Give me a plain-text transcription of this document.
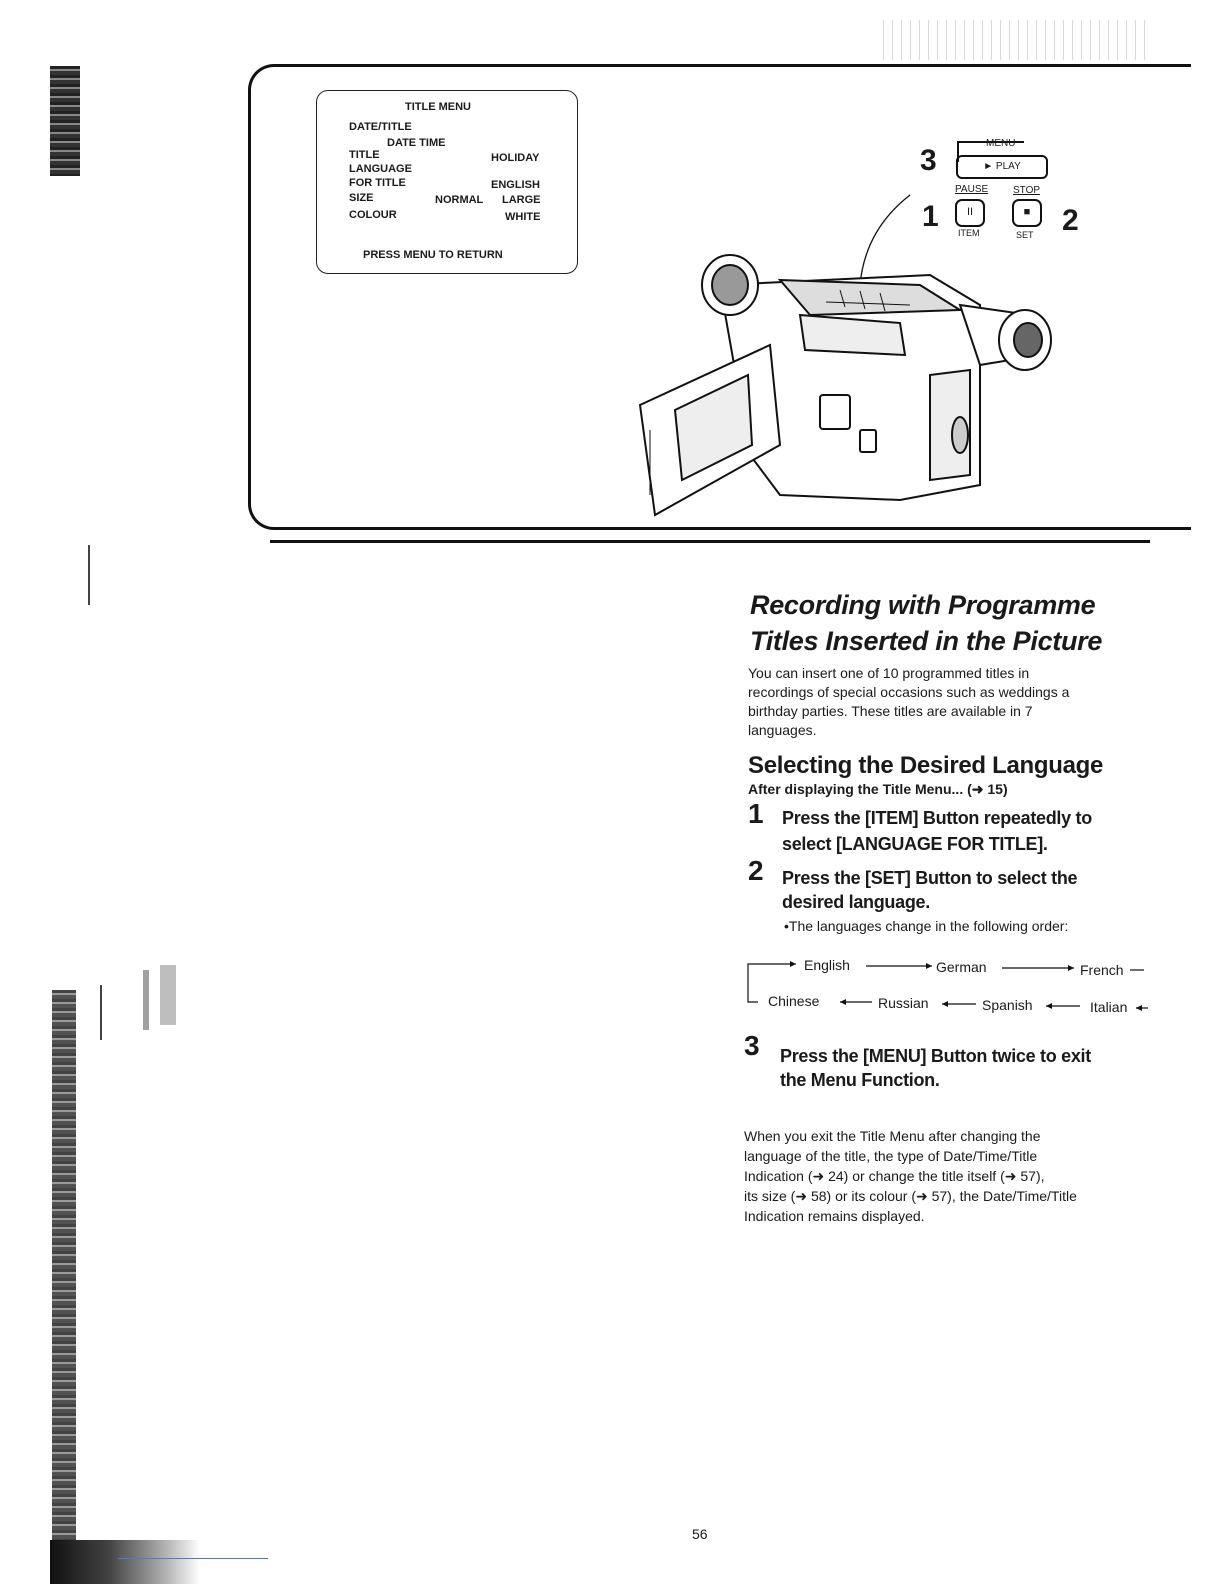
TITLE MENU
DATE/TITLE
DATE TIME
TITLE	HOLIDAY
LANGUAGE
FOR TITLE	ENGLISH
SIZE	NORMAL LARGE
COLOUR	WHITE
PRESS MENU TO RETURN
3
MENU
► PLAY
PAUSE STOP
1	II	■	2
ITEM	SET
Recording with Programme
Titles Inserted in the Picture

You can insert one of 10 programmed titles in

recordings of special occasions such as weddings a

birthday parties. These titles are available in 7

languages.

Selecting the Desired Language
After displaying the Title Menu... (➜ 15)
1 Press the [ITEM] Button repeatedly to
select [LANGUAGE FOR TITLE].
2 Press the [SET] Button to select the
desired language.
•The languages change in the following order:
English	German	French
Chinese	Russian	Spanish	Italian
3 Press the [MENU] Button twice to exit
the Menu Function.

When you exit the Title Menu after changing the

language of the title, the type of Date/Time/Title

Indication (➜ 24) or change the title itself (➜ 57),

its size (➜ 58) or its colour (➜ 57), the Date/Time/Title

Indication remains displayed.

56
